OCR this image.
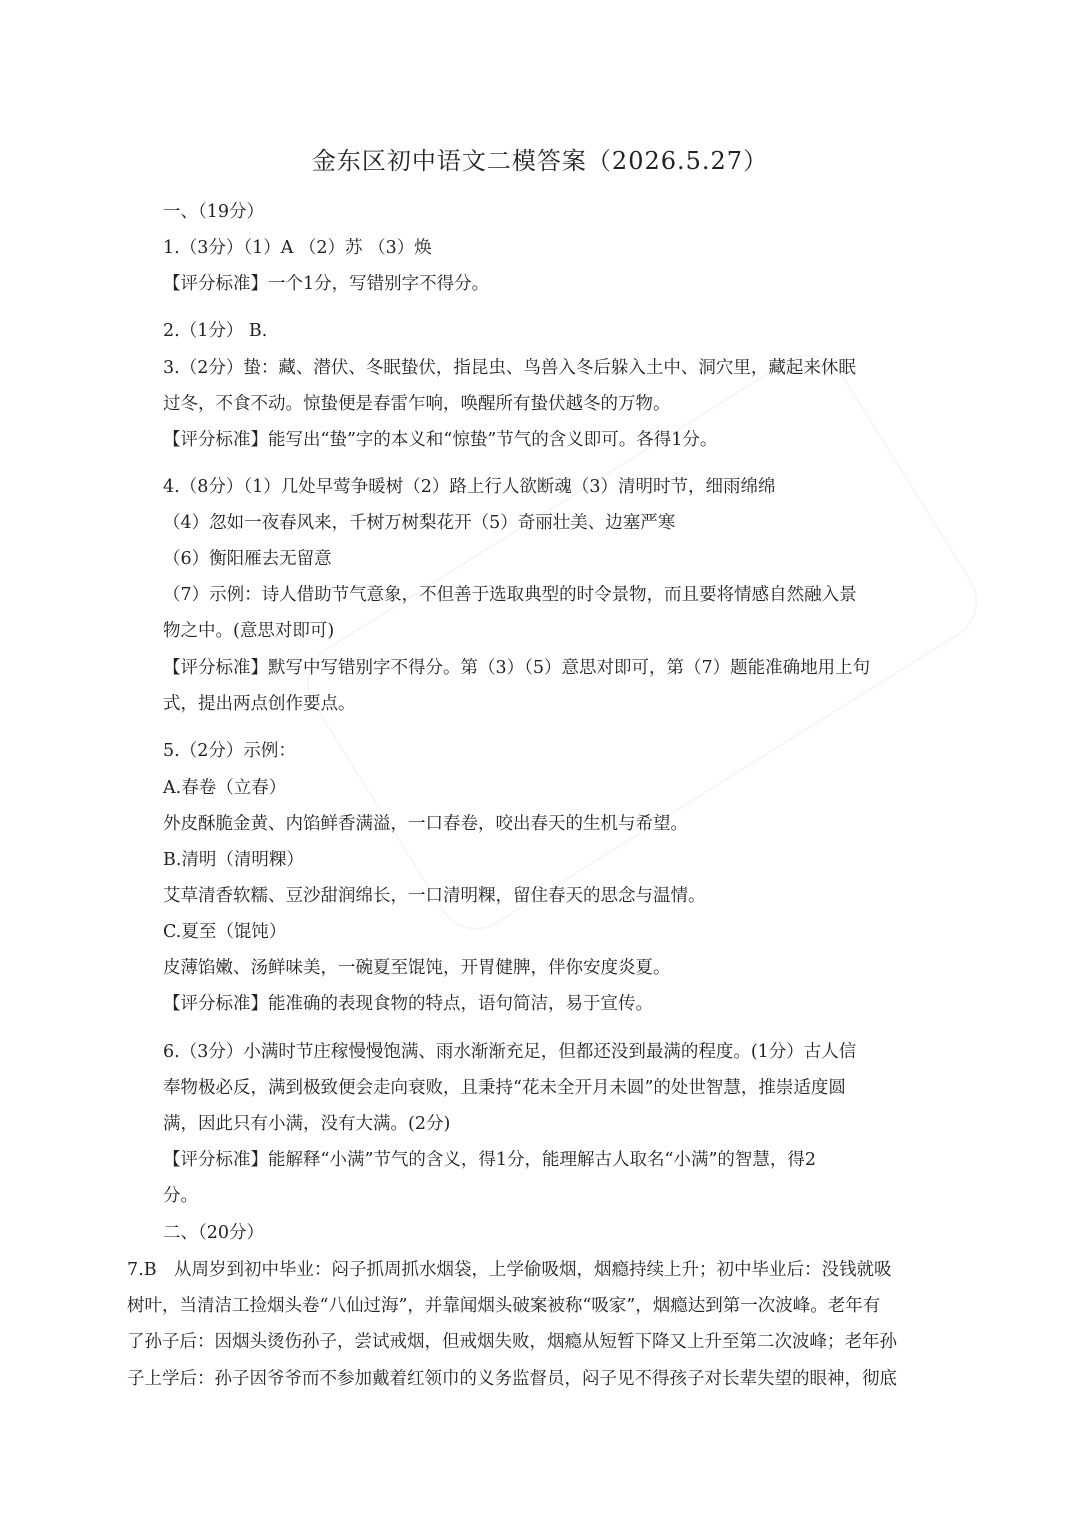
金东区初中语文二模答案（2026.5.27）
一、（19分）
1.（3分）（1）A （2）苏 （3）焕
【评分标准】一个1分，写错别字不得分。
2.（1分） B.
3.（2分）蛰：藏、潜伏、冬眠蛰伏，指昆虫、鸟兽入冬后躲入土中、洞穴里，藏起来休眠
过冬，不食不动。惊蛰便是春雷乍响，唤醒所有蛰伏越冬的万物。
【评分标准】能写出“蛰”字的本义和“惊蛰”节气的含义即可。各得1分。
4.（8分）（1）几处早莺争暖树（2）路上行人欲断魂（3）清明时节，细雨绵绵
（4）忽如一夜春风来，千树万树梨花开（5）奇丽壮美、边塞严寒
（6）衡阳雁去无留意
（7）示例：诗人借助节气意象，不但善于选取典型的时令景物，而且要将情感自然融入景
物之中。(意思对即可)
【评分标准】默写中写错别字不得分。第（3）（5）意思对即可，第（7）题能准确地用上句
式，提出两点创作要点。
5.（2分）示例：
A.春卷（立春）
外皮酥脆金黄、内馅鲜香满溢，一口春卷，咬出春天的生机与希望。
B.清明（清明粿）
艾草清香软糯、豆沙甜润绵长，一口清明粿，留住春天的思念与温情。
C.夏至（馄饨）
皮薄馅嫩、汤鲜味美，一碗夏至馄饨，开胃健脾，伴你安度炎夏。
【评分标准】能准确的表现食物的特点，语句简洁，易于宣传。
6.（3分）小满时节庄稼慢慢饱满、雨水渐渐充足，但都还没到最满的程度。(1分）古人信
奉物极必反，满到极致便会走向衰败，且秉持“花未全开月未圆”的处世智慧，推崇适度圆
满，因此只有小满，没有大满。(2分)
【评分标准】能解释“小满”节气的含义，得1分，能理解古人取名“小满”的智慧，得2
分。
二、（20分）
7.B　从周岁到初中毕业：闷子抓周抓水烟袋，上学偷吸烟，烟瘾持续上升；初中毕业后：没钱就吸
树叶，当清洁工捡烟头卷“八仙过海”，并靠闻烟头破案被称“吸家”，烟瘾达到第一次波峰。老年有
了孙子后：因烟头烫伤孙子，尝试戒烟，但戒烟失败，烟瘾从短暂下降又上升至第二次波峰；老年孙
子上学后：孙子因爷爷而不参加戴着红领巾的义务监督员，闷子见不得孩子对长辈失望的眼神，彻底
